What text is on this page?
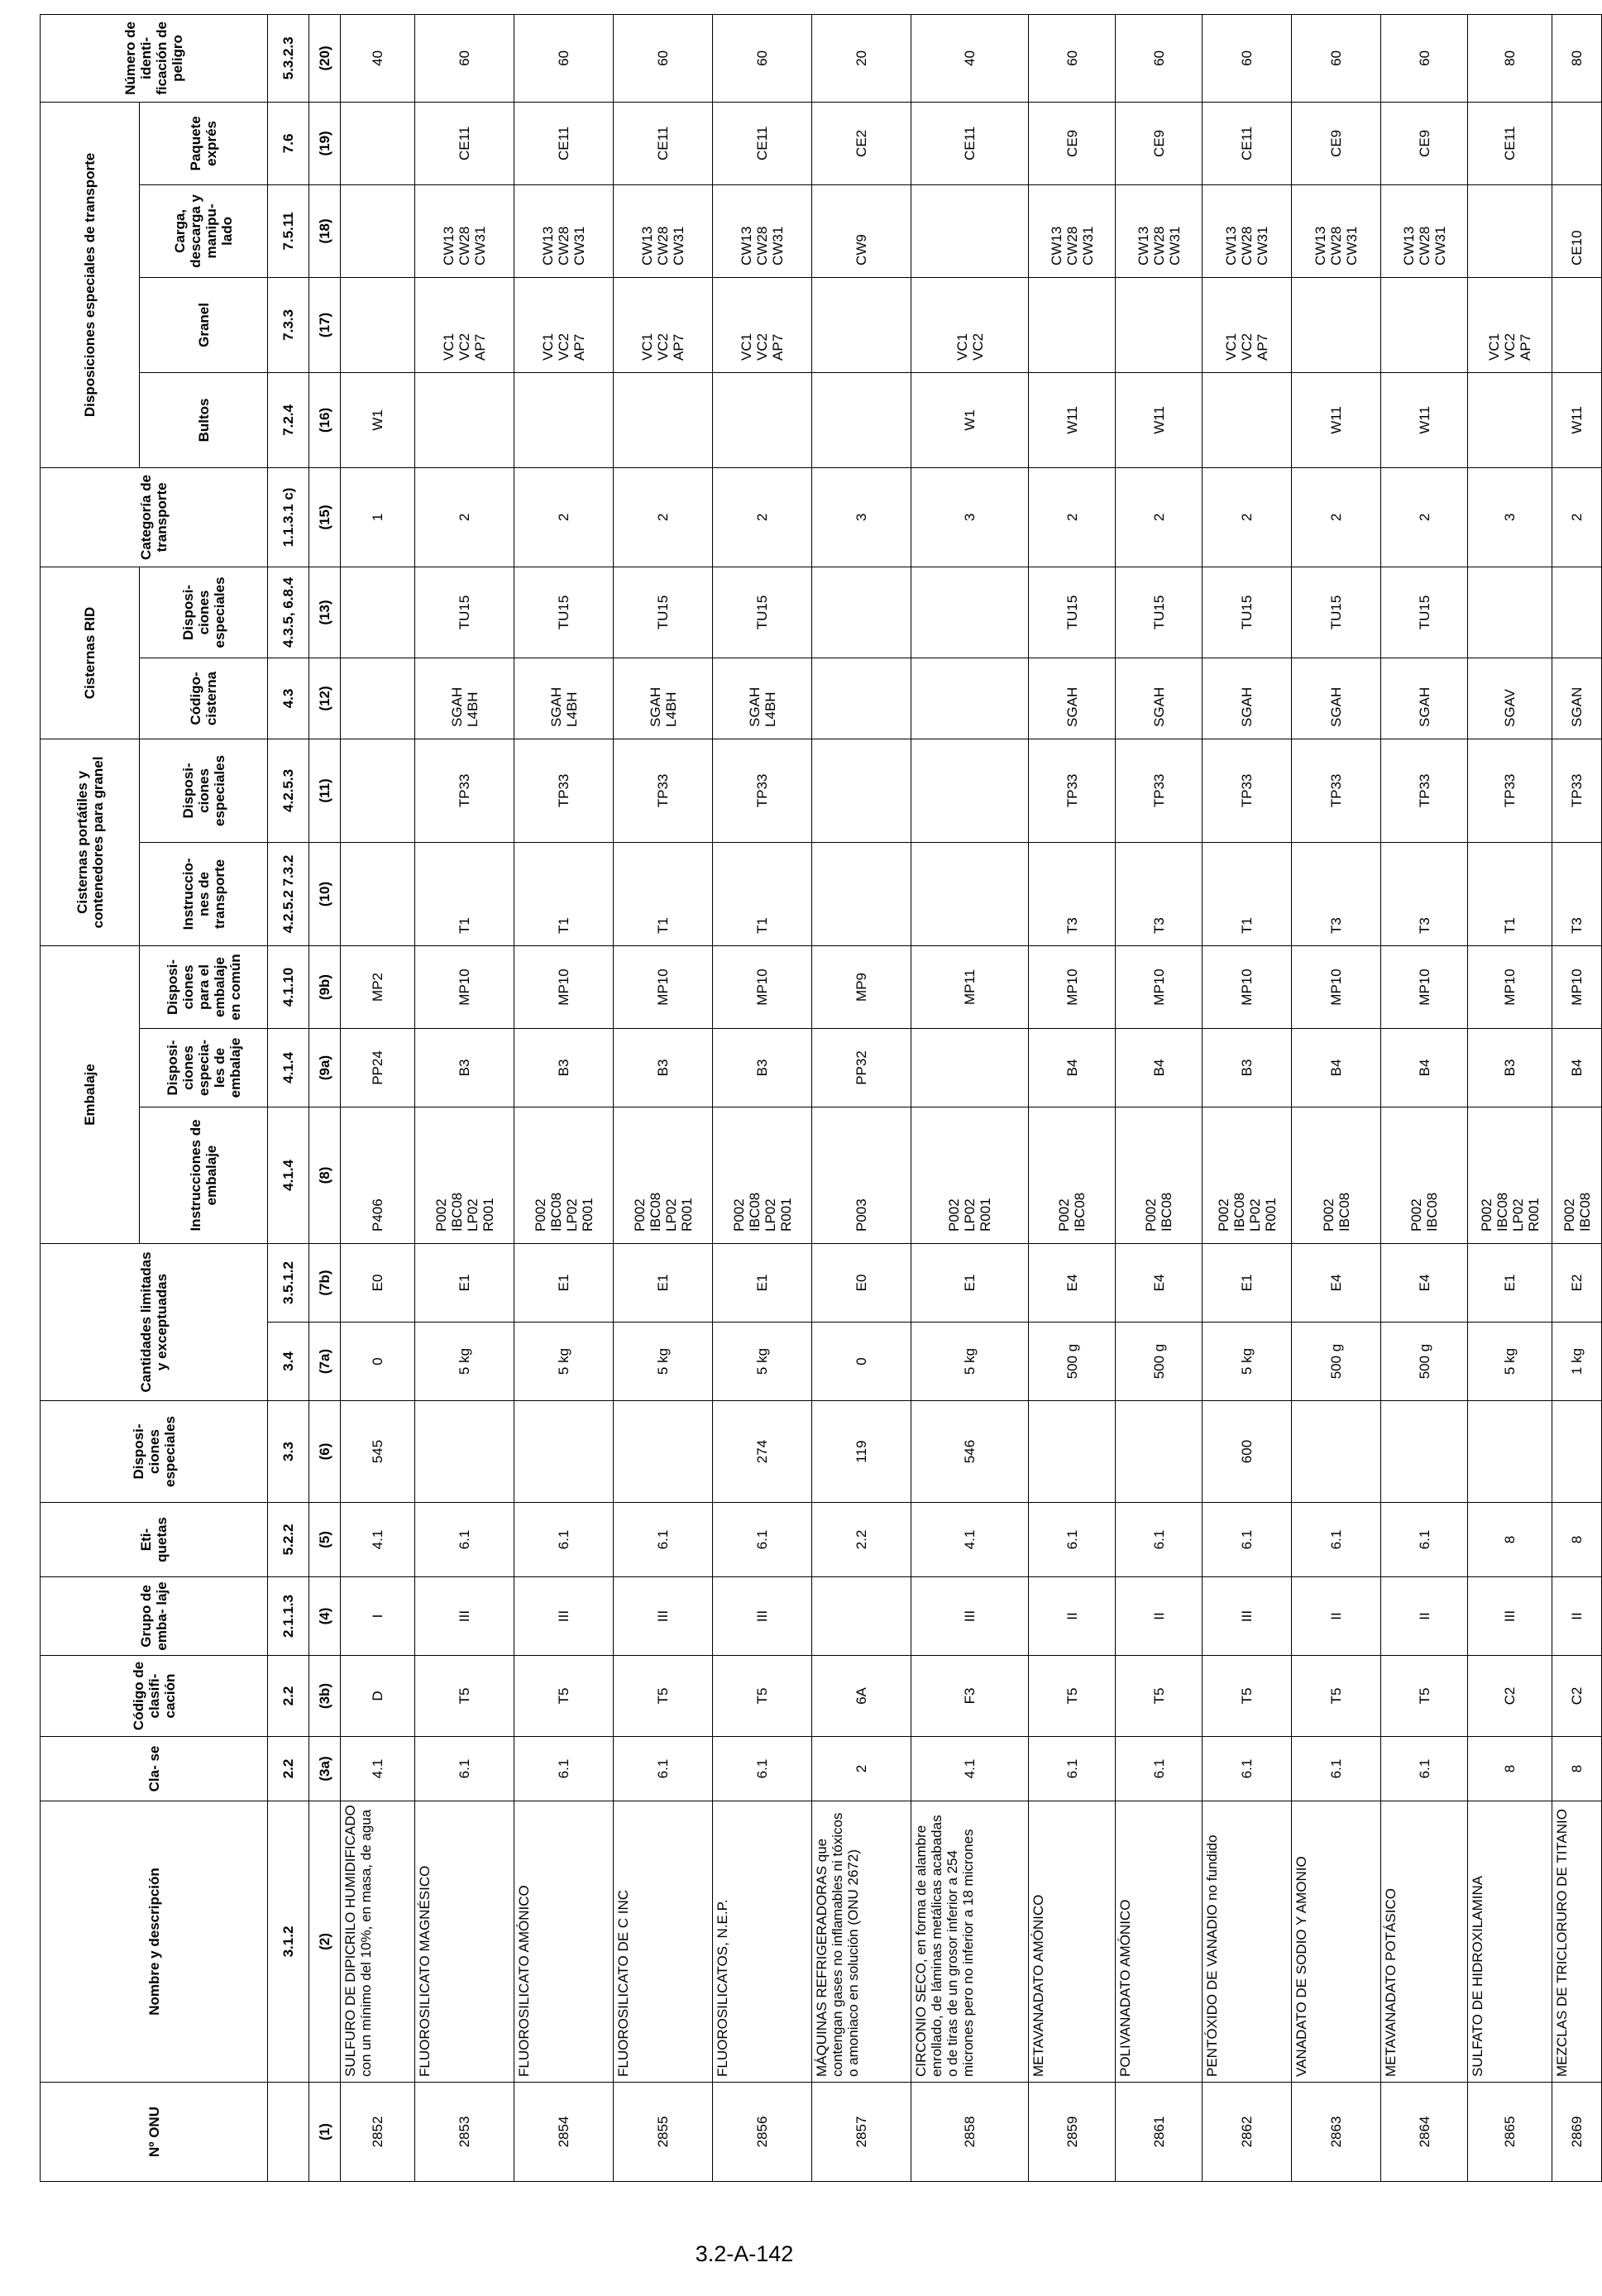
Nº ONU	Nombre y descripción	Cla- se	Código de clasifi- cación	Grupo de emba- laje	Eti- quetas	Disposi- ciones especiales	Cantidades limitadas y exceptuadas		Embalaje			Cisternas portátiles y contenedores para granel		Cisternas RID		Categoría de transporte	Disposiciones especiales de transporte				Número de identi- ficación de peligro
									Instrucciones de embalaje	Disposi- ciones especia- les de embalaje	Disposi- ciones para el embalaje en común	Instruccio- nes de transporte	Disposi- ciones especiales	Código- cisterna	Disposi- ciones especiales		Bultos	Granel	Carga, descarga y manipu- lado	Paquete exprés	
	3.1.2	2.2	2.2	2.1.1.3	5.2.2	3.3	3.4	3.5.1.2	4.1.4	4.1.4	4.1.10	4.2.5.2 7.3.2	4.2.5.3	4.3	4.3.5, 6.8.4	1.1.3.1 c)	7.2.4	7.3.3	7.5.11	7.6	5.3.2.3
(1)	(2)	(3a)	(3b)	(4)	(5)	(6)	(7a)	(7b)	(8)	(9a)	(9b)	(10)	(11)	(12)	(13)	(15)	(16)	(17)	(18)	(19)	(20)
2852	SULFURO DE DIPICRILO HUMIDIFICADO con un mínimo del 10%, en masa, de agua	4.1	D	I	4.1	545	0	E0	P406	PP24	MP2					1	W1				40
2853	FLUOROSILICATO MAGNÉSICO	6.1	T5	III	6.1		5 kg	E1	P002
IBC08
LP02
R001	B3	MP10	T1	TP33	SGAH
L4BH	TU15	2		VC1
VC2
AP7	CW13
CW28
CW31	CE11	60
2854	FLUOROSILICATO AMÓNICO	6.1	T5	III	6.1		5 kg	E1	P002
IBC08
LP02
R001	B3	MP10	T1	TP33	SGAH
L4BH	TU15	2		VC1
VC2
AP7	CW13
CW28
CW31	CE11	60
2855	FLUOROSILICATO DE C INC	6.1	T5	III	6.1		5 kg	E1	P002
IBC08
LP02
R001	B3	MP10	T1	TP33	SGAH
L4BH	TU15	2		VC1
VC2
AP7	CW13
CW28
CW31	CE11	60
2856	FLUOROSILICATOS, N.E.P.	6.1	T5	III	6.1	274	5 kg	E1	P002
IBC08
LP02
R001	B3	MP10	T1	TP33	SGAH
L4BH	TU15	2		VC1
VC2
AP7	CW13
CW28
CW31	CE11	60
2857	MÁQUINAS REFRIGERADORAS que contengan gases no inflamables ni tóxicos o amoniaco en solución (ONU 2672)	2	6A		2.2	119	0	E0	P003	PP32	MP9					3			CW9	CE2	20
2858	CIRCONIO SECO, en forma de alambre enrollado, de láminas metálicas acabadas o de tiras de un grosor inferior a 254 micrones pero no inferior a 18 micrones	4.1	F3	III	4.1	546	5 kg	E1	P002
LP02
R001		MP11					3	W1	VC1
VC2		CE11	40
2859	METAVANADATO AMÓNICO	6.1	T5	II	6.1		500 g	E4	P002
IBC08	B4	MP10	T3	TP33	SGAH	TU15	2	W11		CW13
CW28
CW31	CE9	60
2861	POLIVANADATO AMÓNICO	6.1	T5	II	6.1		500 g	E4	P002
IBC08	B4	MP10	T3	TP33	SGAH	TU15	2	W11		CW13
CW28
CW31	CE9	60
2862	PENTÓXIDO DE VANADIO no fundido	6.1	T5	III	6.1	600	5 kg	E1	P002
IBC08
LP02
R001	B3	MP10	T1	TP33	SGAH	TU15	2		VC1
VC2
AP7	CW13
CW28
CW31	CE11	60
2863	VANADATO DE SODIO Y AMONIO	6.1	T5	II	6.1		500 g	E4	P002
IBC08	B4	MP10	T3	TP33	SGAH	TU15	2	W11		CW13
CW28
CW31	CE9	60
2864	METAVANADATO POTÁSICO	6.1	T5	II	6.1		500 g	E4	P002
IBC08	B4	MP10	T3	TP33	SGAH	TU15	2	W11		CW13
CW28
CW31	CE9	60
2865	SULFATO DE HIDROXILAMINA	8	C2	III	8		5 kg	E1	P002
IBC08
LP02
R001	B3	MP10	T1	TP33	SGAV		3		VC1
VC2
AP7		CE11	80
2869	MEZCLAS DE TRICLORURO DE TITANIO	8	C2	II	8		1 kg	E2	P002
IBC08	B4	MP10	T3	TP33	SGAN		2	W11		CE10		80
3.2-A-142
